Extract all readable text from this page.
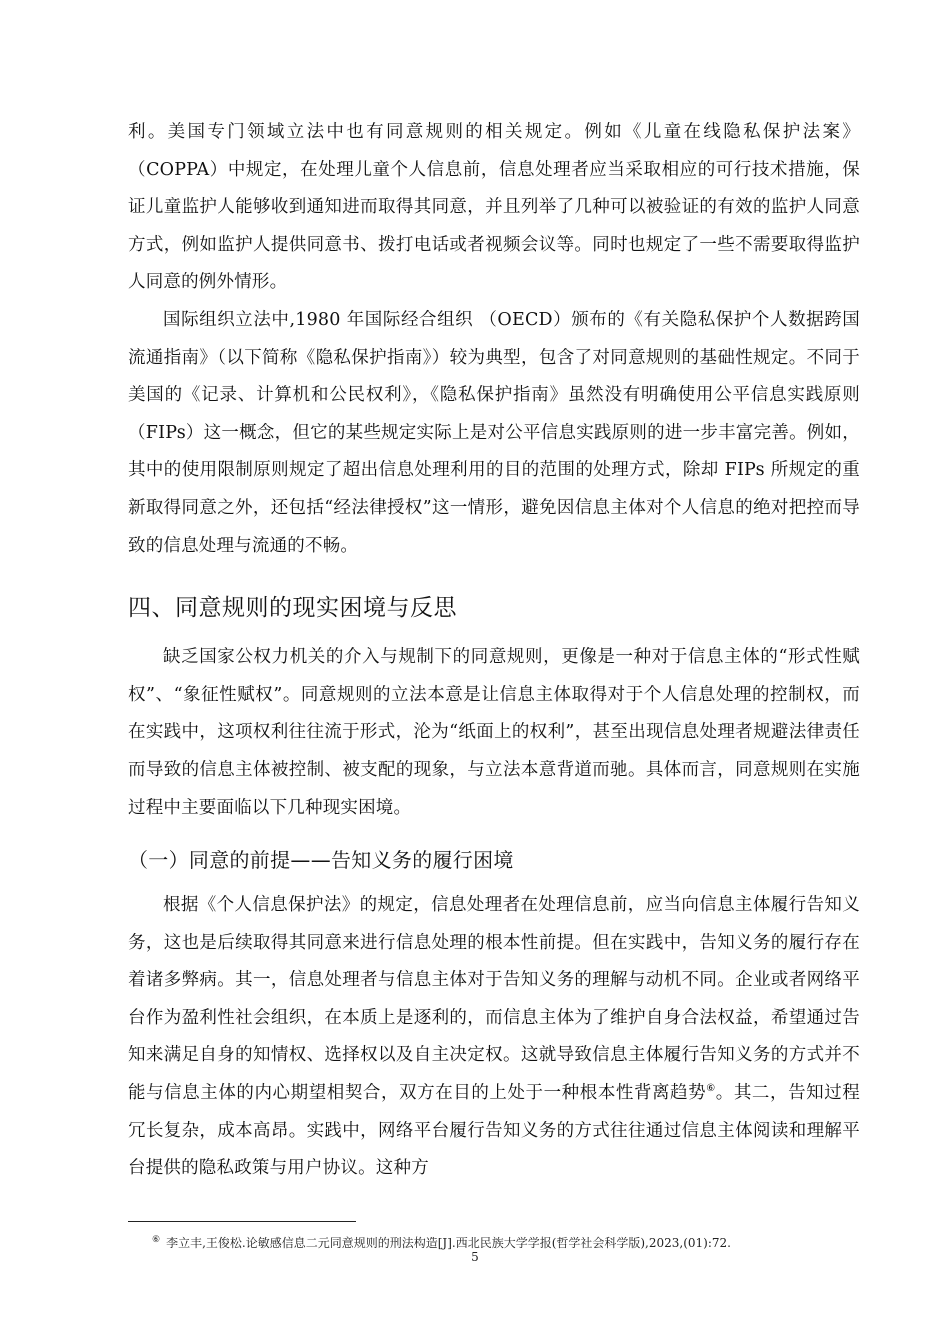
利。美国专门领域立法中也有同意规则的相关规定。例如《儿童在线隐私保护法案》（COPPA）中规定，在处理儿童个人信息前，信息处理者应当采取相应的可行技术措施，保证儿童监护人能够收到通知进而取得其同意，并且列举了几种可以被验证的有效的监护人同意方式，例如监护人提供同意书、拨打电话或者视频会议等。同时也规定了一些不需要取得监护人同意的例外情形。

国际组织立法中,1980 年国际经合组织 （OECD）颁布的《有关隐私保护个人数据跨国流通指南》（以下简称《隐私保护指南》）较为典型，包含了对同意规则的基础性规定。不同于美国的《记录、计算机和公民权利》，《隐私保护指南》虽然没有明确使用公平信息实践原则（FIPs）这一概念，但它的某些规定实际上是对公平信息实践原则的进一步丰富完善。例如，其中的使用限制原则规定了超出信息处理利用的目的范围的处理方式，除却 FIPs 所规定的重新取得同意之外，还包括“经法律授权”这一情形，避免因信息主体对个人信息的绝对把控而导致的信息处理与流通的不畅。

四、同意规则的现实困境与反思

缺乏国家公权力机关的介入与规制下的同意规则，更像是一种对于信息主体的“形式性赋权”、“象征性赋权”。同意规则的立法本意是让信息主体取得对于个人信息处理的控制权，而在实践中，这项权利往往流于形式，沦为“纸面上的权利”，甚至出现信息处理者规避法律责任而导致的信息主体被控制、被支配的现象，与立法本意背道而驰。具体而言，同意规则在实施过程中主要面临以下几种现实困境。

（一）同意的前提——告知义务的履行困境

根据《个人信息保护法》的规定，信息处理者在处理信息前，应当向信息主体履行告知义务，这也是后续取得其同意来进行信息处理的根本性前提。但在实践中，告知义务的履行存在着诸多弊病。其一，信息处理者与信息主体对于告知义务的理解与动机不同。企业或者网络平台作为盈利性社会组织，在本质上是逐利的，而信息主体为了维护自身合法权益，希望通过告知来满足自身的知情权、选择权以及自主决定权。这就导致信息主体履行告知义务的方式并不能与信息主体的内心期望相契合，双方在目的上处于一种根本性背离趋势⑥。其二，告知过程冗长复杂，成本高昂。实践中，网络平台履行告知义务的方式往往通过信息主体阅读和理解平台提供的隐私政策与用户协议。这种方

⑥ 李立丰,王俊松.论敏感信息二元同意规则的刑法构造[J].西北民族大学学报(哲学社会科学版),2023,(01):72.
5
